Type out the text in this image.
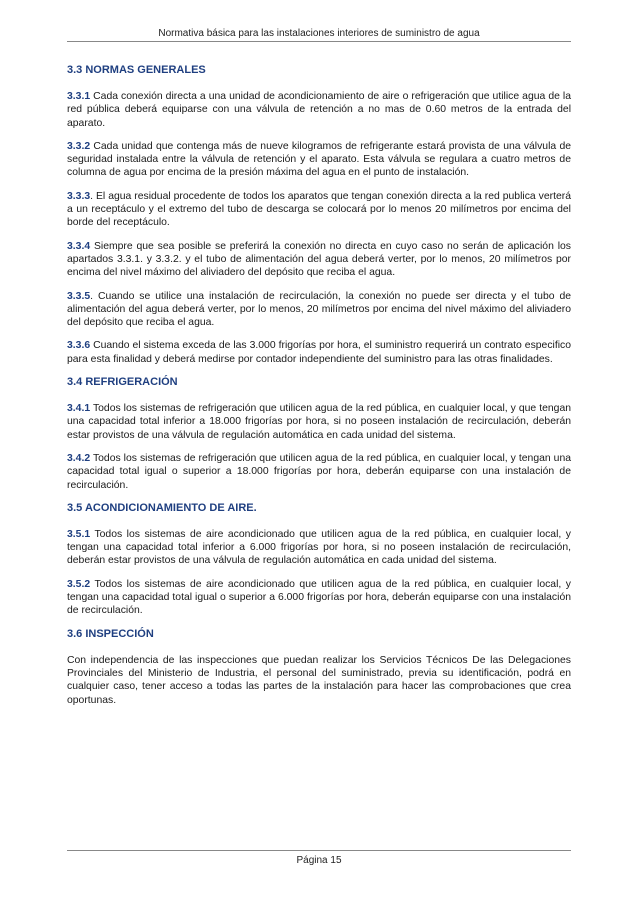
Normativa básica para las instalaciones interiores de suministro de agua
3.3 NORMAS GENERALES

3.3.1 Cada conexión directa a una unidad de acondicionamiento de aire o refrigeración que utilice agua de la red pública deberá equiparse con una válvula de retención a no mas de 0.60 metros de la entrada del aparato.

3.3.2 Cada unidad que contenga más de nueve kilogramos de refrigerante estará provista de una válvula de seguridad instalada entre la válvula de retención y el aparato. Esta válvula se regulara a cuatro metros de columna de agua por encima de la presión máxima del agua en el punto de instalación.

3.3.3. El agua residual procedente de todos los aparatos que tengan conexión directa a la red publica verterá a un receptáculo y el extremo del tubo de descarga se colocará por lo menos 20 milímetros por encima del borde del receptáculo.

3.3.4 Siempre que sea posible se preferirá la conexión no directa en cuyo caso no serán de aplicación los apartados 3.3.1. y 3.3.2. y el tubo de alimentación del agua deberá verter, por lo menos, 20 milímetros por encima del nivel máximo del aliviadero del depósito que reciba el agua.

3.3.5. Cuando se utilice una instalación de recirculación, la conexión no puede ser directa y el tubo de alimentación del agua deberá verter, por lo menos, 20 milímetros por encima del nivel máximo del aliviadero del depósito que reciba el agua.

3.3.6 Cuando el sistema exceda de las 3.000 frigorías por hora, el suministro requerirá un contrato especifico para esta finalidad y deberá medirse por contador independiente del suministro para las otras finalidades.

3.4 REFRIGERACIÓN

3.4.1 Todos los sistemas de refrigeración que utilicen agua de la red pública, en cualquier local, y que tengan una capacidad total inferior a 18.000 frigorías por hora, si no poseen instalación de recirculación, deberán estar provistos de una válvula de regulación automática en cada unidad del sistema.

3.4.2 Todos los sistemas de refrigeración que utilicen agua de la red pública, en cualquier local, y tengan una capacidad total igual o superior a 18.000 frigorías por hora, deberán equiparse con una instalación de recirculación.

3.5 ACONDICIONAMIENTO DE AIRE.

3.5.1 Todos los sistemas de aire acondicionado que utilicen agua de la red pública, en cualquier local, y tengan una capacidad total inferior a 6.000 frigorías por hora, si no poseen instalación de recirculación, deberán estar provistos de una válvula de regulación automática en cada unidad del sistema.

3.5.2 Todos los sistemas de aire acondicionado que utilicen agua de la red pública, en cualquier local, y tengan una capacidad total igual o superior a 6.000 frigorías por hora, deberán equiparse con una instalación de recirculación.

3.6 INSPECCIÓN

Con independencia de las inspecciones que puedan realizar los Servicios Técnicos De las Delegaciones Provinciales del Ministerio de Industria, el personal del suministrado, previa su identificación, podrá en cualquier caso, tener acceso a todas las partes de la instalación para hacer las comprobaciones que crea oportunas.

Página 15
